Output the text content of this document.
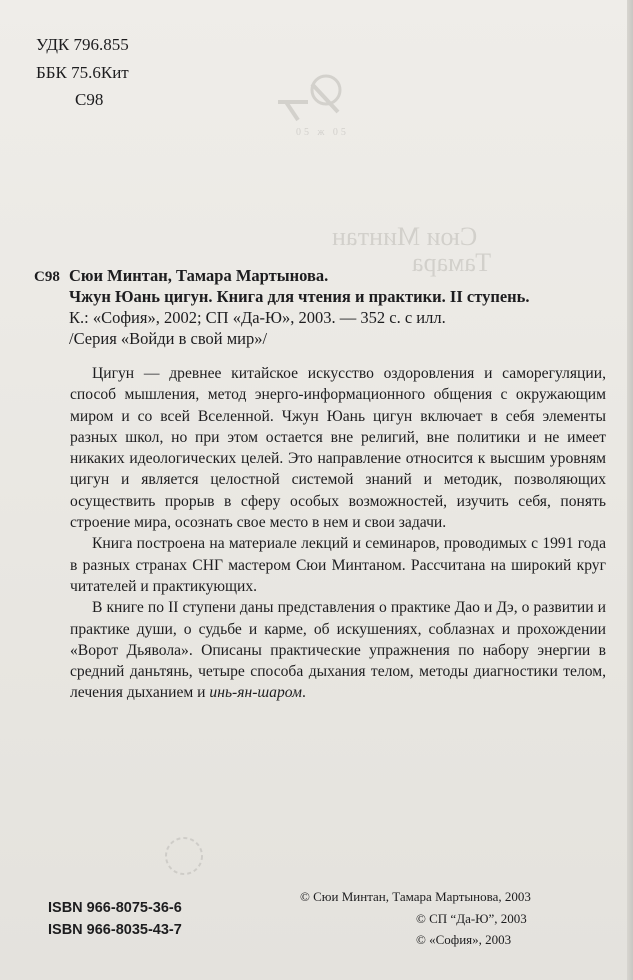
05 ж 05
Сюи Минтан
Тамара
УДК 796.855
ББК 75.6Кит
С98
С98 Сюи Минтан, Тамара Мартынова.
Чжун Юань цигун. Книга для чтения и практики. II ступень.
К.: «София», 2002; СП «Да-Ю», 2003. — 352 с. с илл.
/Серия «Войди в свой мир»/

Цигун — древнее китайское искусство оздоровления и саморегуляции, способ мышления, метод энерго-информационного общения с окружающим миром и со всей Вселенной. Чжун Юань цигун включает в себя элементы разных школ, но при этом остается вне религий, вне политики и не имеет никаких идеологических целей. Это направление относится к высшим уровням цигун и является целостной системой знаний и методик, позволяющих осуществить прорыв в сферу особых возможностей, изучить себя, понять строение мира, осознать свое место в нем и свои задачи.

Книга построена на материале лекций и семинаров, проводимых с 1991 года в разных странах СНГ мастером Сюи Минтаном. Рассчитана на широкий круг читателей и практикующих.

В книге по II ступени даны представления о практике Дао и Дэ, о развитии и практике души, о судьбе и карме, об искушениях, соблазнах и прохождении «Ворот Дьявола». Описаны практические упражнения по набору энергии в средний даньтянь, четыре способа дыхания телом, методы диагностики телом, лечения дыханием и инь-ян-шаром.

ISBN 966-8075-36-6
ISBN 966-8035-43-7
© Сюи Минтан, Тамара Мартынова, 2003
© СП “Да-Ю”, 2003
© «София», 2003
